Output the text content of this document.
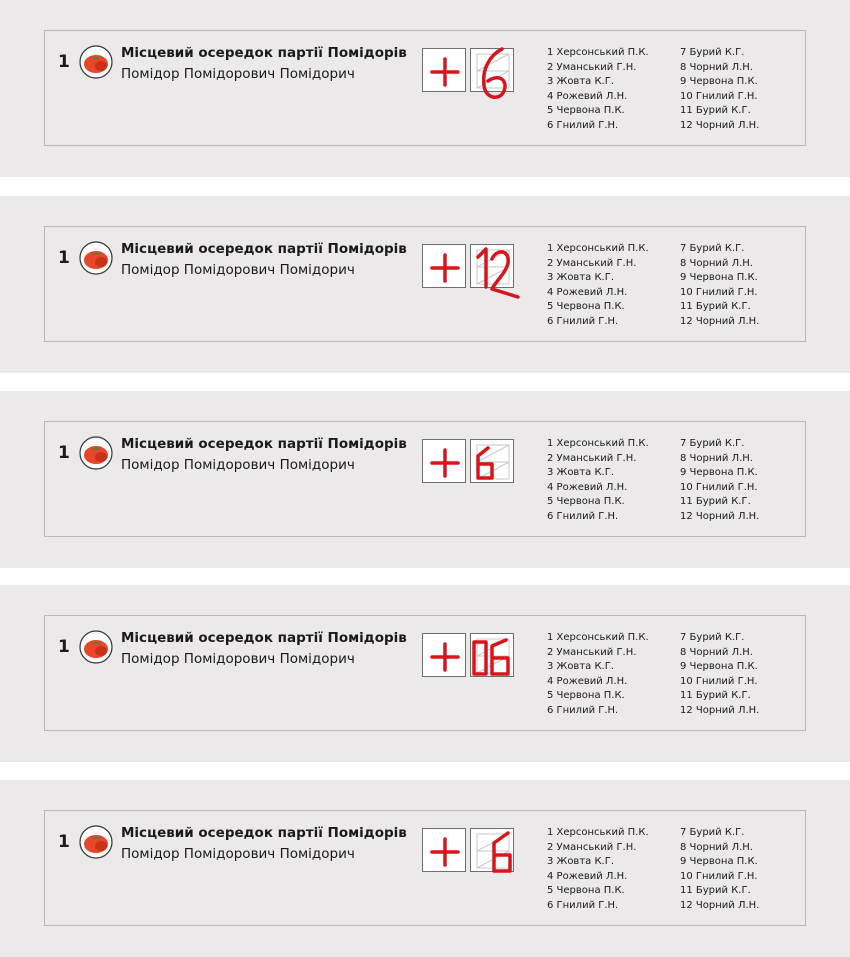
1	Місцевий осередок партії Помідорів
Помідор Помідорович Помідорич
1 Херсонський П.К.
2 Уманський Г.Н.
3 Жовта К.Г.
4 Рожевий Л.Н.
5 Червона П.К.
6 Гнилий Г.Н.
7 Бурий К.Г.
8 Чорний Л.Н.
9 Червона П.К.
10 Гнилий Г.Н.
11 Бурий К.Г.
12 Чорний Л.Н.
1	Місцевий осередок партії Помідорів
Помідор Помідорович Помідорич
1 Херсонський П.К.
2 Уманський Г.Н.
3 Жовта К.Г.
4 Рожевий Л.Н.
5 Червона П.К.
6 Гнилий Г.Н.
7 Бурий К.Г.
8 Чорний Л.Н.
9 Червона П.К.
10 Гнилий Г.Н.
11 Бурий К.Г.
12 Чорний Л.Н.
1	Місцевий осередок партії Помідорів
Помідор Помідорович Помідорич
1 Херсонський П.К.
2 Уманський Г.Н.
3 Жовта К.Г.
4 Рожевий Л.Н.
5 Червона П.К.
6 Гнилий Г.Н.
7 Бурий К.Г.
8 Чорний Л.Н.
9 Червона П.К.
10 Гнилий Г.Н.
11 Бурий К.Г.
12 Чорний Л.Н.
1	Місцевий осередок партії Помідорів
Помідор Помідорович Помідорич
1 Херсонський П.К.
2 Уманський Г.Н.
3 Жовта К.Г.
4 Рожевий Л.Н.
5 Червона П.К.
6 Гнилий Г.Н.
7 Бурий К.Г.
8 Чорний Л.Н.
9 Червона П.К.
10 Гнилий Г.Н.
11 Бурий К.Г.
12 Чорний Л.Н.
1	Місцевий осередок партії Помідорів
Помідор Помідорович Помідорич
1 Херсонський П.К.
2 Уманський Г.Н.
3 Жовта К.Г.
4 Рожевий Л.Н.
5 Червона П.К.
6 Гнилий Г.Н.
7 Бурий К.Г.
8 Чорний Л.Н.
9 Червона П.К.
10 Гнилий Г.Н.
11 Бурий К.Г.
12 Чорний Л.Н.
